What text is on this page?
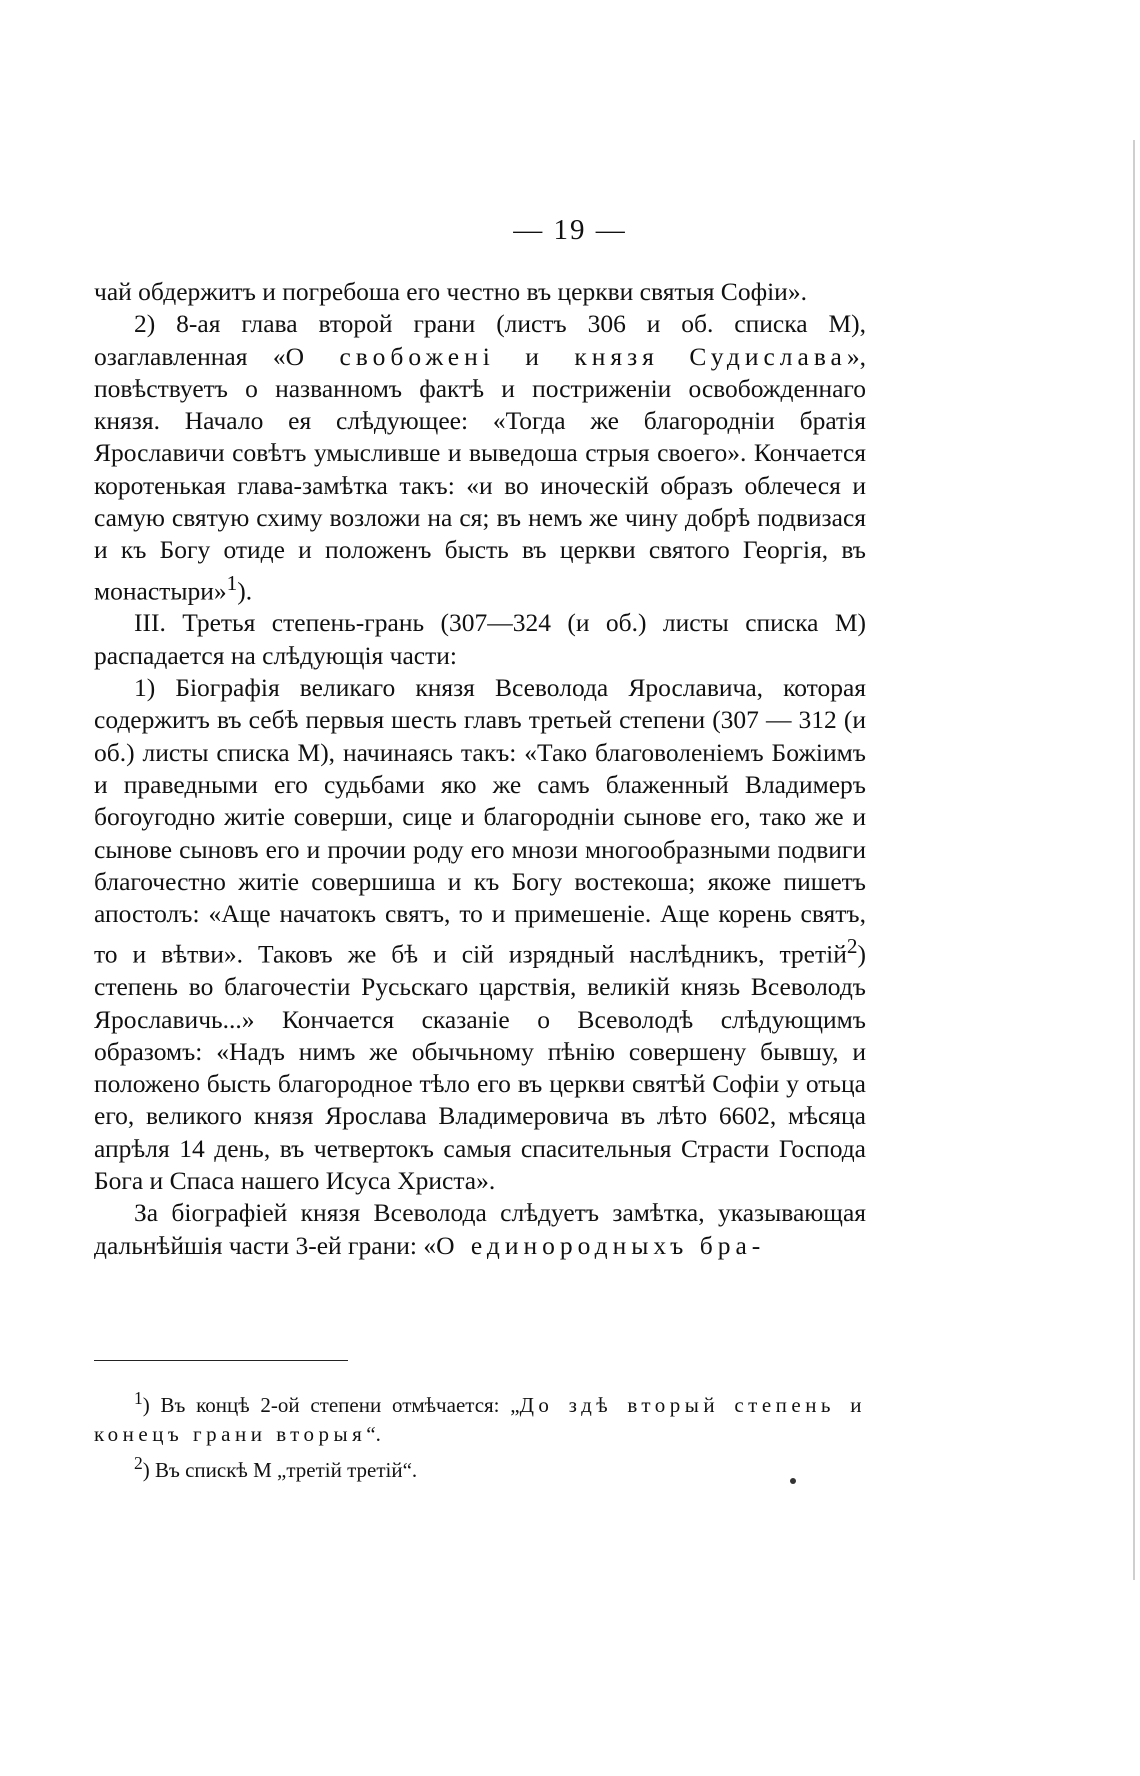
— 19 —

чай обдержитъ и погребоша его честно въ церкви святыя Софіи».

2) 8-ая глава второй грани (листъ 306 и об. списка М), озаглавленная «О свобожені и князя Судислава», повѣствуетъ о названномъ фактѣ и постриженіи освобожденнаго князя. Начало ея слѣдующее: «Тогда же благороднiи братія Ярославичи совѣтъ умысливше и выведоша стрыя своего». Кончается коротенькая глава-замѣтка такъ: «и во иноческій образъ облечеся и самую святую схиму возложи на ся; въ немъ же чину добрѣ подвизася и къ Богу отиде и положенъ бысть въ церкви святого Георгія, въ монастыри»$^1$).

III. Третья степень-грань (307—324 (и об.) листы списка М) распадается на слѣдующія части:

1) Біографія великаго князя Всеволода Ярославича, которая содержитъ въ себѣ первыя шесть главъ третьей степени (307 — 312 (и об.) листы списка М), начинаясь такъ: «Тако благоволеніемъ Божіимъ и праведными его судьбами яко же самъ блаженный Владимеръ богоугодно житіе соверши, сице и благороднiи сынове его, тако же и сынове сыновъ его и прочии роду его мнози многообразными подвиги благочестно житіе совершиша и къ Богу востекоша; якоже пишетъ апостолъ: «Аще начатокъ святъ, то и примешеніе. Аще корень святъ, то и вѣтви». Таковъ же бѣ и сій изрядный наслѣдникъ, третій$^2$) степень во благочестіи Русьскаго царствія, великій князь Всеволодъ Ярославичь...» Кончается сказаніе о Всеволодѣ слѣдующимъ образомъ: «Надъ нимъ же обычьному пѣнію совершену бывшу, и положено бысть благородное тѣло его въ церкви святѣй Софіи у отьца его, великого князя Ярослава Владимеровича въ лѣто 6602, мѣсяца апрѣля 14 день, въ четвертокъ самыя спасительныя Страсти Господа Бога и Спаса нашего Исуса Христа».

За біографіей князя Всеволода слѣдуетъ замѣтка, указывающая дальнѣйшія части 3-ей грани: «О единородныхъ бра-

$^1$) Въ концѣ 2-ой степени отмѣчается: „До здѣ вторый степень и конецъ грани вторыя“.

$^2$) Въ спискѣ М „третій третій“.
